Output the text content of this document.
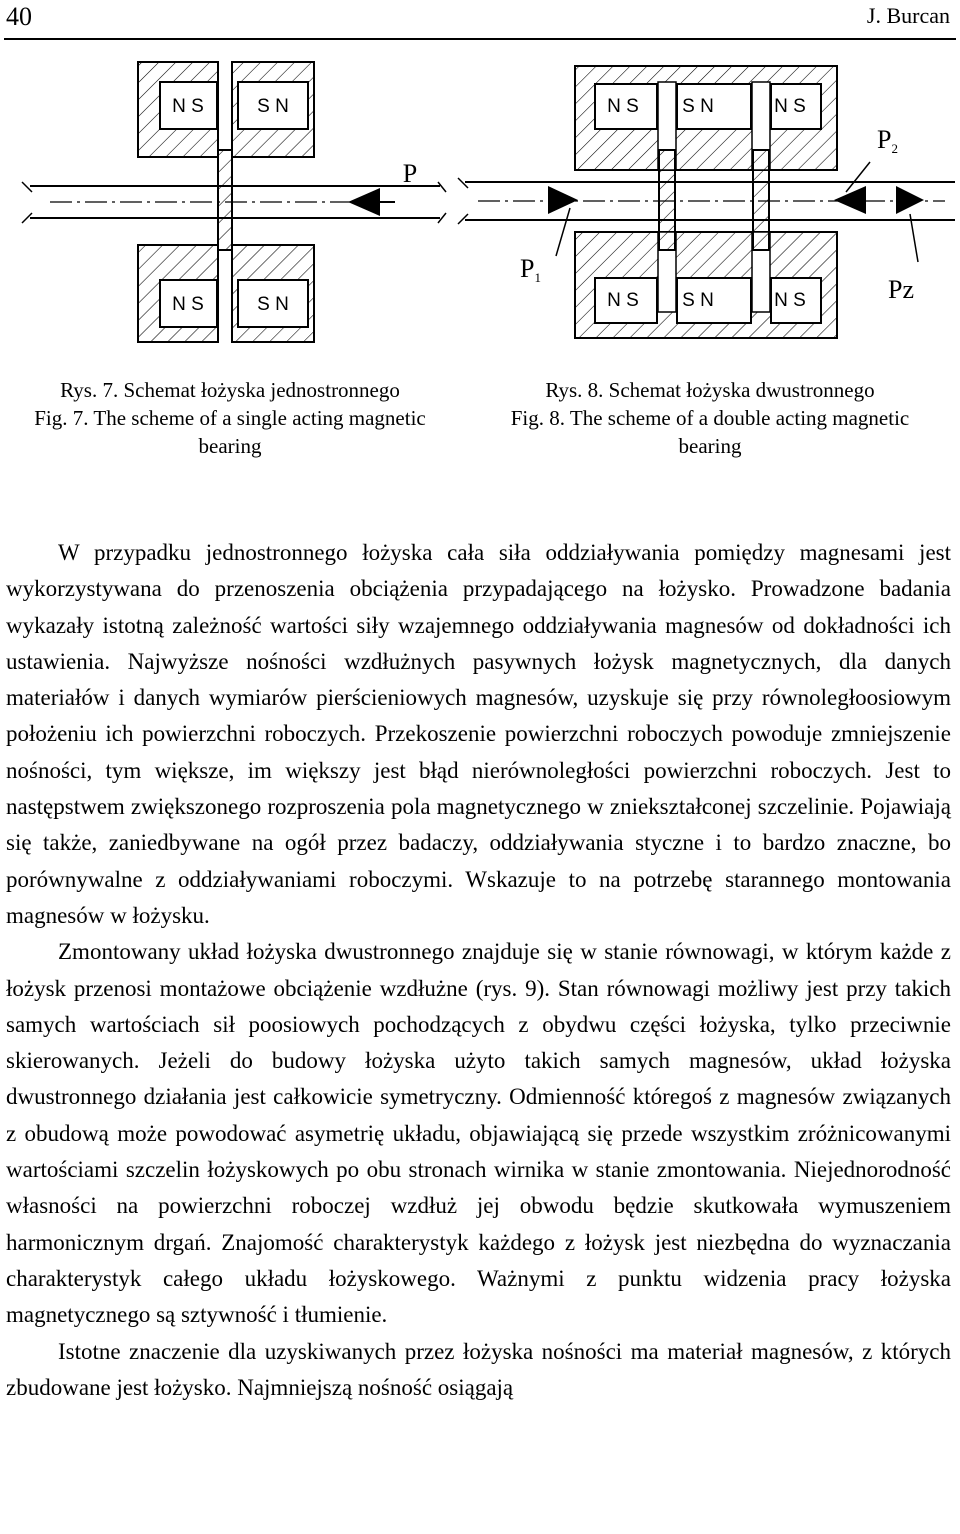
40	J. Burcan
N S	S N
N S	S N
P
N S S N	N S
N S S N	N S
P1
P2
Pz
Rys. 7. Schemat łożyska jednostronnego
Fig. 7. The scheme of a single acting magnetic
bearing
Rys. 8. Schemat łożyska dwustronnego
Fig. 8. The scheme of a double acting magnetic
bearing

W przypadku jednostronnego łożyska cała siła oddziaływania pomiędzy magnesami jest wykorzystywana do przenoszenia obciążenia przypadającego na łożysko. Prowadzone badania wykazały istotną zależność wartości siły wzajemnego oddziaływania magnesów od dokładności ich ustawienia. Najwyższe nośności wzdłużnych pasywnych łożysk magnetycznych, dla danych materiałów i danych wymiarów pierścieniowych magnesów, uzyskuje się przy równoległoosiowym położeniu ich powierzchni roboczych. Przekoszenie powierzchni roboczych powoduje zmniejszenie nośności, tym większe, im większy jest błąd nierównoległości powierzchni roboczych. Jest to następstwem zwiększonego rozproszenia pola magnetycznego w zniekształconej szczelinie. Pojawiają się także, zaniedbywane na ogół przez badaczy, oddziaływania styczne i to bardzo znaczne, bo porównywalne z oddziaływaniami roboczymi. Wskazuje to na potrzebę starannego montowania magnesów w łożysku.

Zmontowany układ łożyska dwustronnego znajduje się w stanie równowagi, w którym każde z łożysk przenosi montażowe obciążenie wzdłużne (rys. 9). Stan równowagi możliwy jest przy takich samych wartościach sił poosiowych pochodzących z obydwu części łożyska, tylko przeciwnie skierowanych. Jeżeli do budowy łożyska użyto takich samych magnesów, układ łożyska dwustronnego działania jest całkowicie symetryczny. Odmienność któregoś z magnesów związanych z obudową może powodować asymetrię układu, objawiającą się przede wszystkim zróżnicowanymi wartościami szczelin łożyskowych po obu stronach wirnika w stanie zmontowania. Niejednorodność własności na powierzchni roboczej wzdłuż jej obwodu będzie skutkowała wymuszeniem harmonicznym drgań. Znajomość charakterystyk każdego z łożysk jest niezbędna do wyznaczania charakterystyk całego układu łożyskowego. Ważnymi z punktu widzenia pracy łożyska magnetycznego są sztywność i tłumienie.

Istotne znaczenie dla uzyskiwanych przez łożyska nośności ma materiał magnesów, z których zbudowane jest łożysko. Najmniejszą nośność osiągają
